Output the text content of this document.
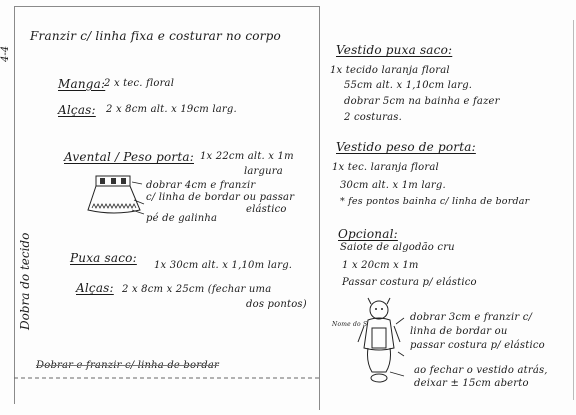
4-4
Dobra do tecido
Franzir c/ linha fixa e costurar no corpo
Manga:
2 x tec. floral
Alças: 2 x 8cm alt. x 19cm larg.
Avental / Peso porta: 1x 22cm alt. x 1m
largura
dobrar 4cm e franzir
c/ linha de bordar ou passar
elástico
pé de galinha
Puxa saco:
1x 30cm alt. x 1,10m larg.
Alças: 2 x 8cm x 25cm (fechar uma
dos pontos)
Dobrar e franzir c/ linha de bordar
Vestido puxa saco:
1x tecido laranja floral
55cm alt. x 1,10cm larg.
dobrar 5cm na bainha e fazer
2 costuras.
Vestido peso de porta:
1x tec. laranja floral
30cm alt. x 1m larg.
* fes pontos bainha c/ linha de bordar
Opcional:
Saiote de algodão cru
1 x 20cm x 1m
Passar costura p/ elástico
Nome do S
dobrar 3cm e franzir c/
linha de bordar ou
passar costura p/ elástico
ao fechar o vestido atrás,
deixar ± 15cm aberto
